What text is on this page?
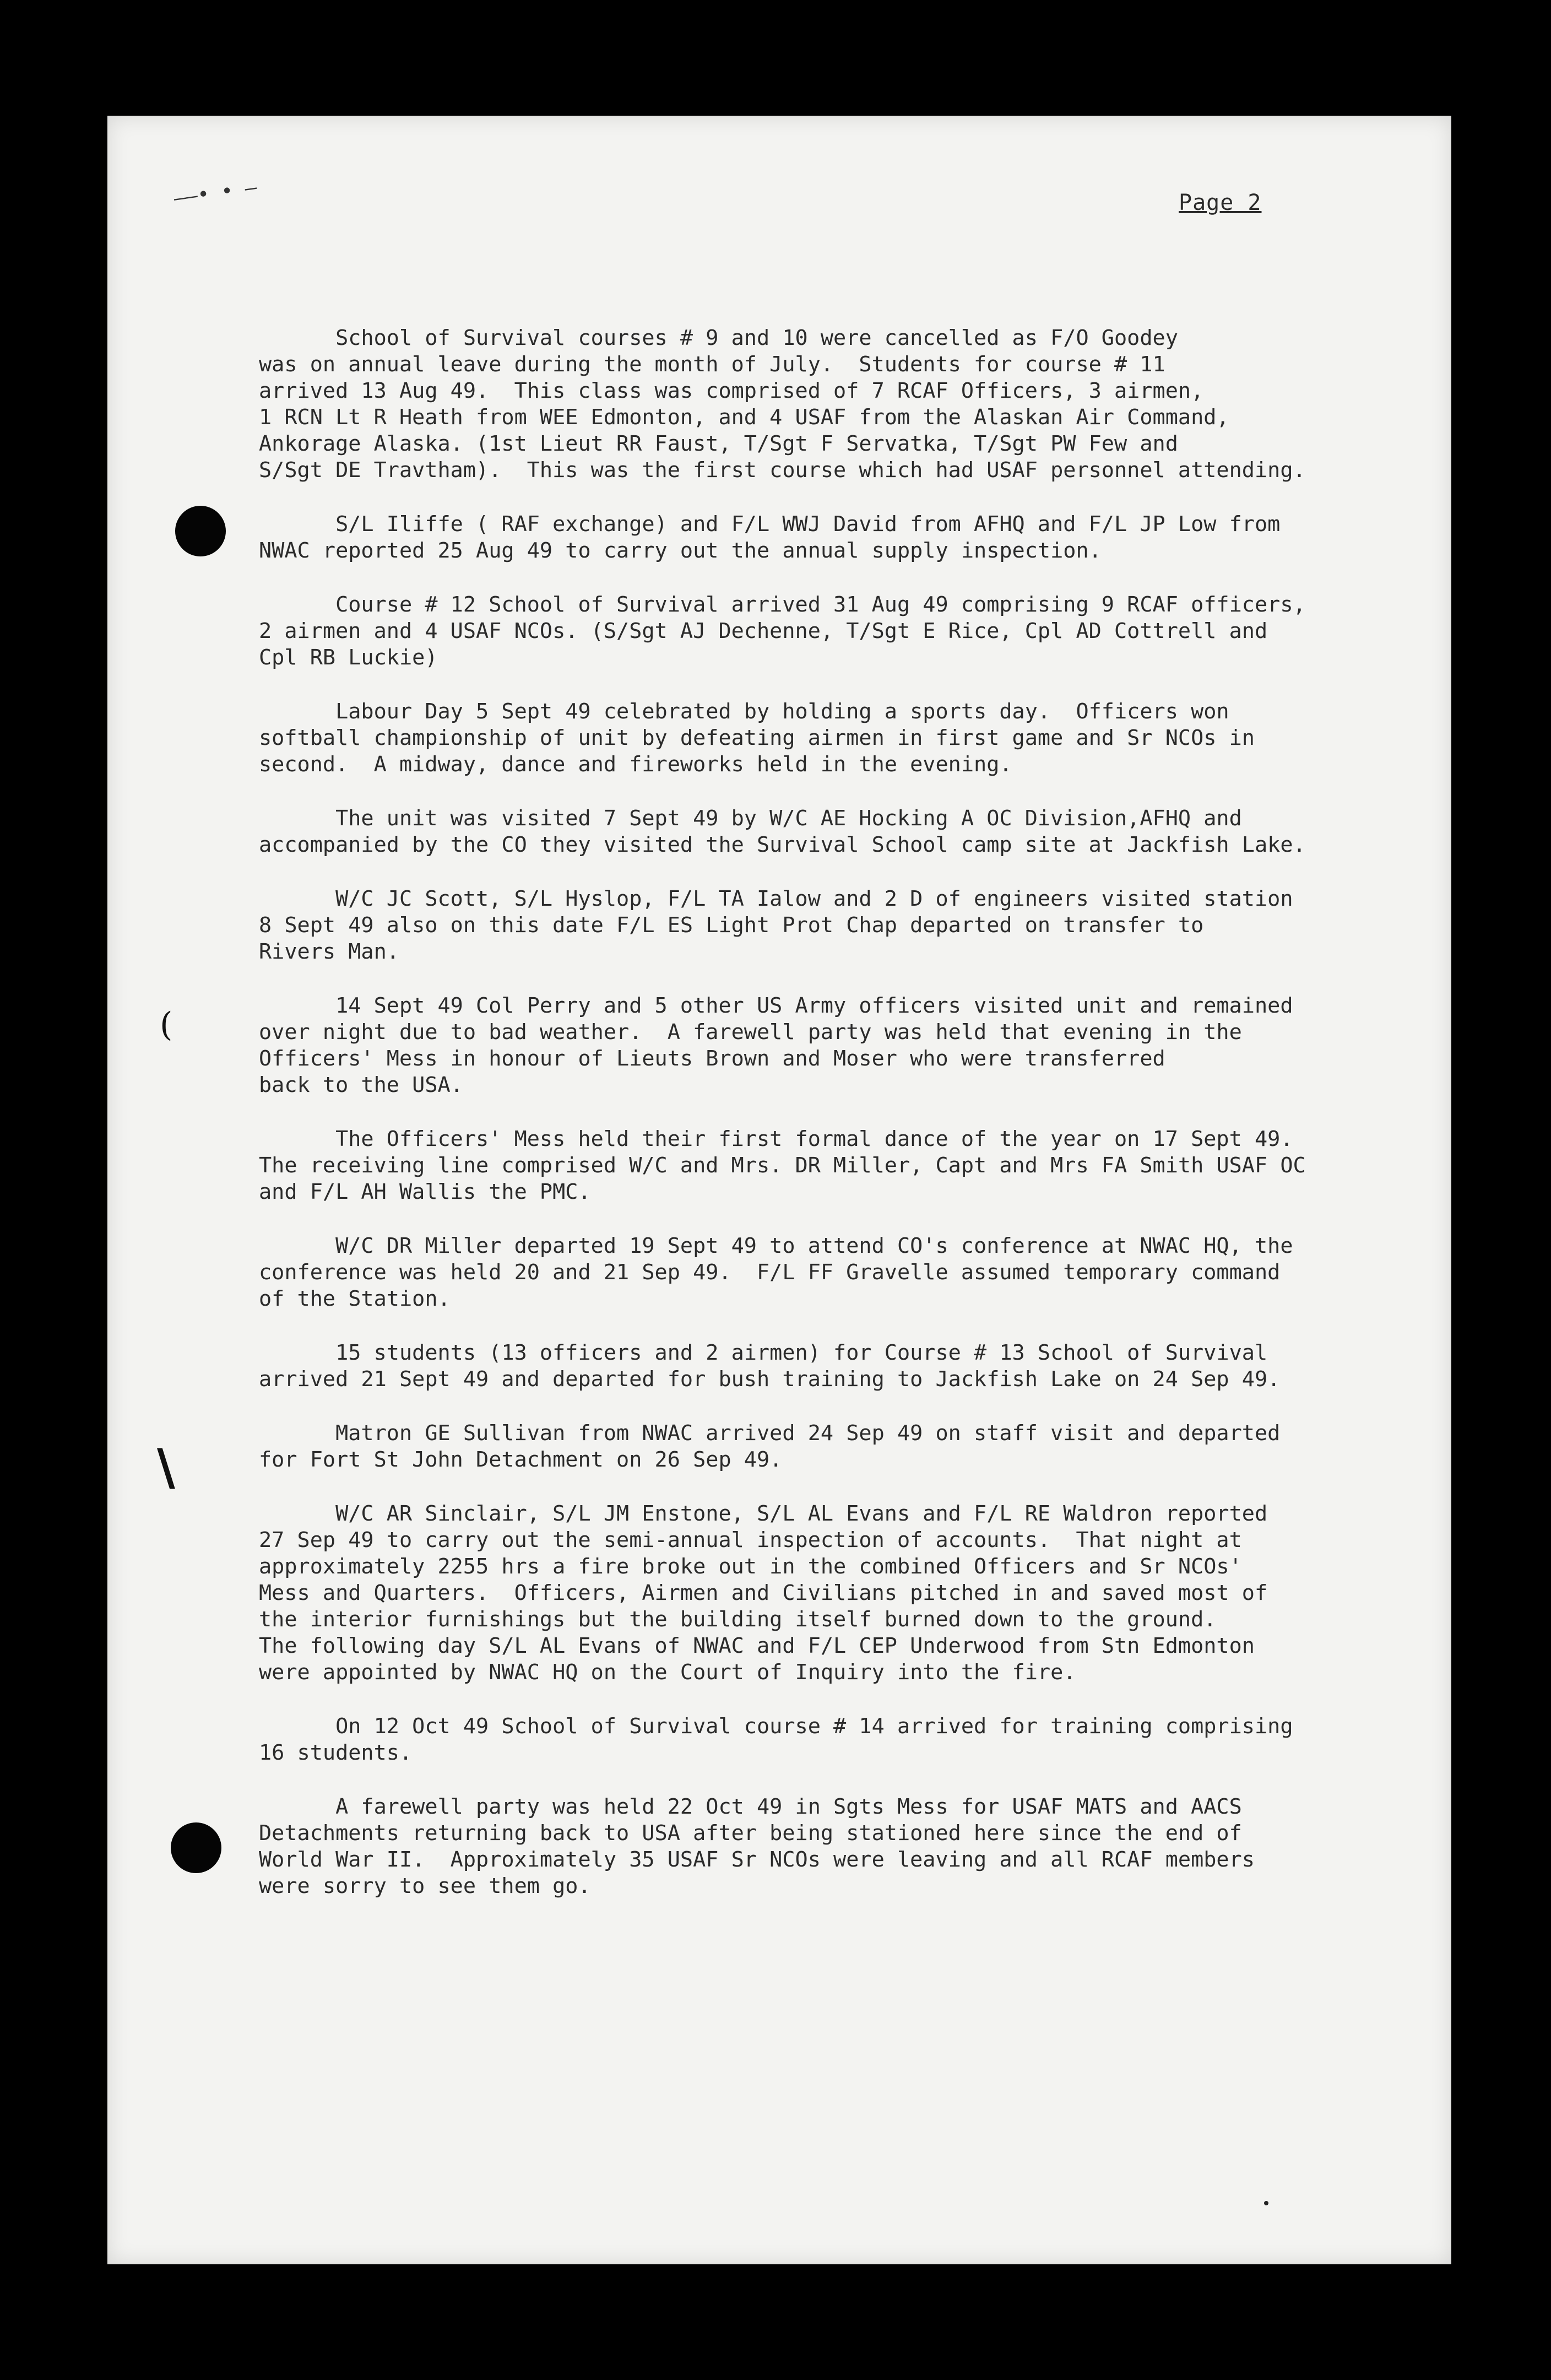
——• • —	Page 2
(
\

School of Survival courses # 9 and 10 were cancelled as F/O Goodey
was on annual leave during the month of July.  Students for course # 11
arrived 13 Aug 49.  This class was comprised of 7 RCAF Officers, 3 airmen,
1 RCN Lt R Heath from WEE Edmonton, and 4 USAF from the Alaskan Air Command,
Ankorage Alaska. (1st Lieut RR Faust, T/Sgt F Servatka, T/Sgt PW Few and
S/Sgt DE Travtham).  This was the first course which had USAF personnel attending.

S/L Iliffe ( RAF exchange) and F/L WWJ David from AFHQ and F/L JP Low from
NWAC reported 25 Aug 49 to carry out the annual supply inspection.

Course # 12 School of Survival arrived 31 Aug 49 comprising 9 RCAF officers,
2 airmen and 4 USAF NCOs. (S/Sgt AJ Dechenne, T/Sgt E Rice, Cpl AD Cottrell and
Cpl RB Luckie)

Labour Day 5 Sept 49 celebrated by holding a sports day.  Officers won
softball championship of unit by defeating airmen in first game and Sr NCOs in
second.  A midway, dance and fireworks held in the evening.

The unit was visited 7 Sept 49 by W/C AE Hocking A OC Division,AFHQ and
accompanied by the CO they visited the Survival School camp site at Jackfish Lake.

W/C JC Scott, S/L Hyslop, F/L TA Ialow and 2 D of engineers visited station
8 Sept 49 also on this date F/L ES Light Prot Chap departed on transfer to
Rivers Man.

14 Sept 49 Col Perry and 5 other US Army officers visited unit and remained
over night due to bad weather.  A farewell party was held that evening in the
Officers' Mess in honour of Lieuts Brown and Moser who were transferred
back to the USA.

The Officers' Mess held their first formal dance of the year on 17 Sept 49.
The receiving line comprised W/C and Mrs. DR Miller, Capt and Mrs FA Smith USAF OC
and F/L AH Wallis the PMC.

W/C DR Miller departed 19 Sept 49 to attend CO's conference at NWAC HQ, the
conference was held 20 and 21 Sep 49.  F/L FF Gravelle assumed temporary command
of the Station.

15 students (13 officers and 2 airmen) for Course # 13 School of Survival
arrived 21 Sept 49 and departed for bush training to Jackfish Lake on 24 Sep 49.

Matron GE Sullivan from NWAC arrived 24 Sep 49 on staff visit and departed
for Fort St John Detachment on 26 Sep 49.

W/C AR Sinclair, S/L JM Enstone, S/L AL Evans and F/L RE Waldron reported
27 Sep 49 to carry out the semi-annual inspection of accounts.  That night at
approximately 2255 hrs a fire broke out in the combined Officers and Sr NCOs'
Mess and Quarters.  Officers, Airmen and Civilians pitched in and saved most of
the interior furnishings but the building itself burned down to the ground.
The following day S/L AL Evans of NWAC and F/L CEP Underwood from Stn Edmonton
were appointed by NWAC HQ on the Court of Inquiry into the fire.

On 12 Oct 49 School of Survival course # 14 arrived for training comprising
16 students.

A farewell party was held 22 Oct 49 in Sgts Mess for USAF MATS and AACS
Detachments returning back to USA after being stationed here since the end of
World War II.  Approximately 35 USAF Sr NCOs were leaving and all RCAF members
were sorry to see them go.
